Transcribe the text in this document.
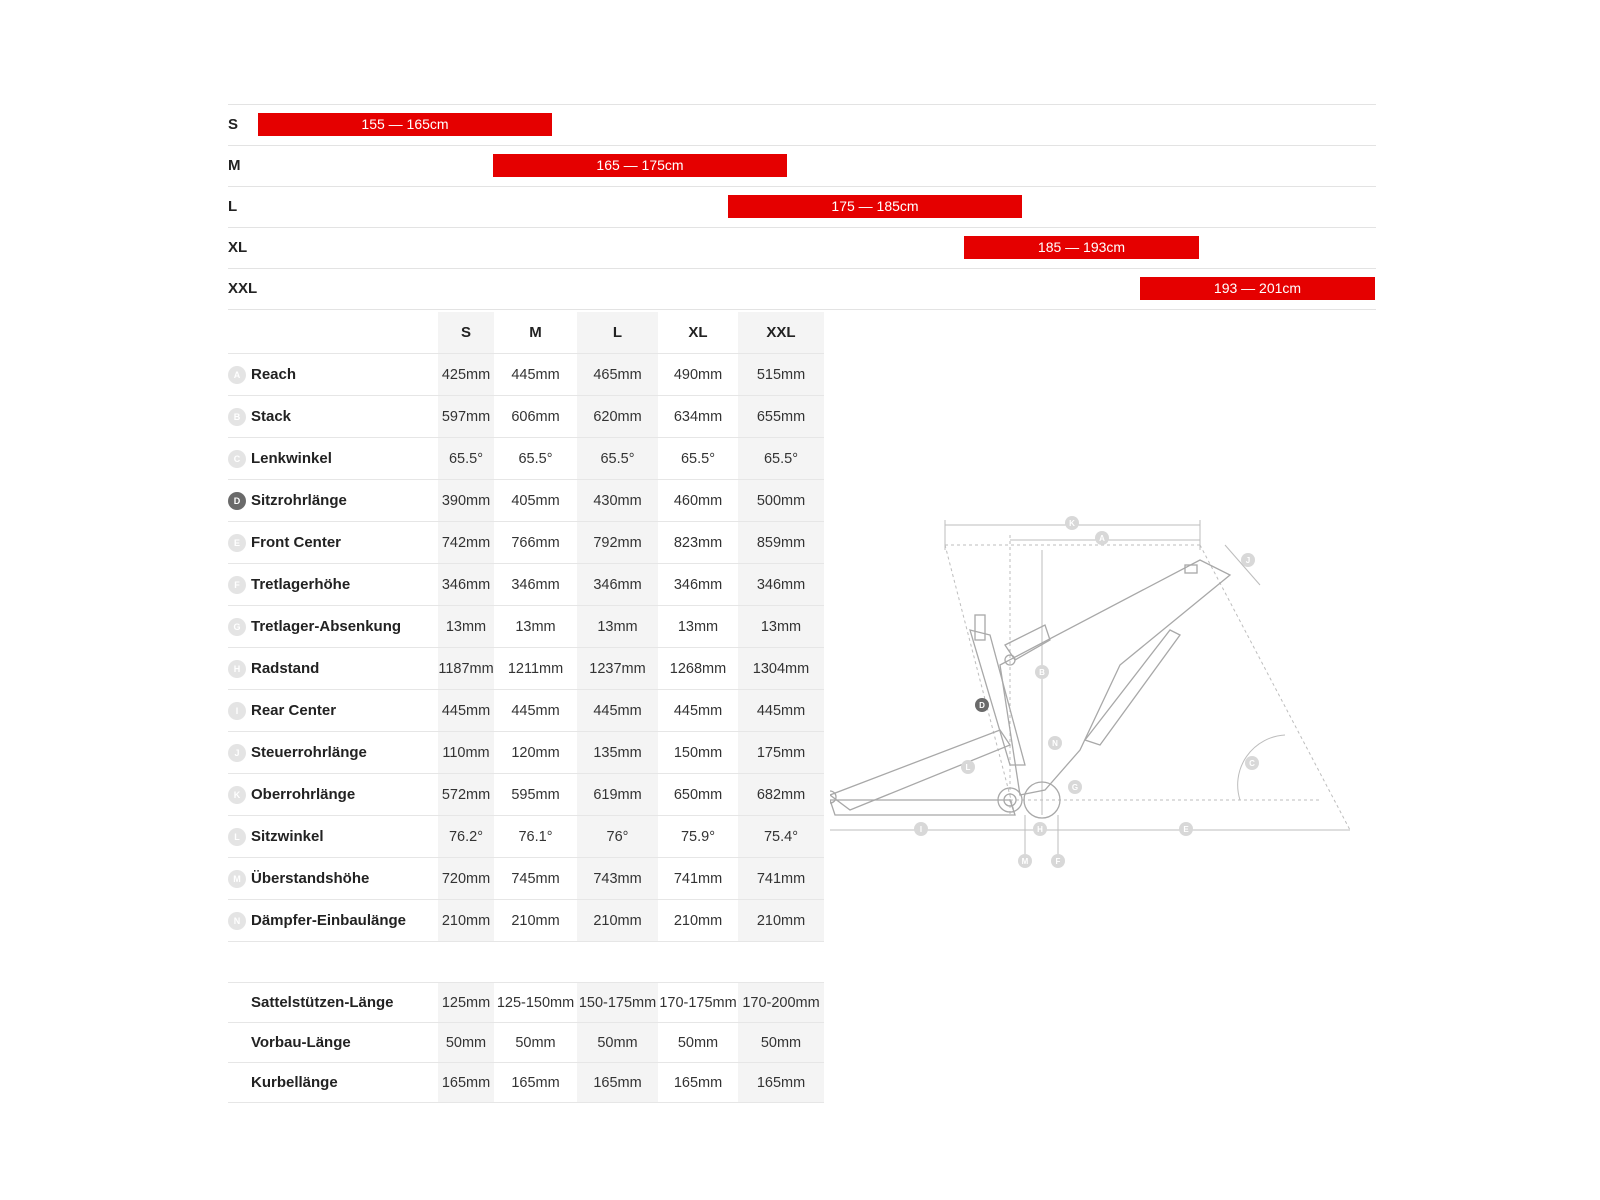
S	155 — 165cm
M	165 — 175cm
L	175 — 185cm
XL	185 — 193cm
XXL	193 — 201cm
	S	M	L	XL	XXL

A Reach	425mm	445mm	465mm	490mm	515mm

B Stack	597mm	606mm	620mm	634mm	655mm

C Lenkwinkel	65.5°	65.5°	65.5°	65.5°	65.5°

D Sitzrohrlänge	390mm	405mm	430mm	460mm	500mm

E Front Center	742mm	766mm	792mm	823mm	859mm

F Tretlagerhöhe	346mm	346mm	346mm	346mm	346mm

G Tretlager-Absenkung	13mm	13mm	13mm	13mm	13mm

H Radstand	1187mm	1211mm	1237mm	1268mm	1304mm

I Rear Center	445mm	445mm	445mm	445mm	445mm

J Steuerrohrlänge	110mm	120mm	135mm	150mm	175mm

K Oberrohrlänge	572mm	595mm	619mm	650mm	682mm

L Sitzwinkel	76.2°	76.1°	76°	75.9°	75.4°

M Überstandshöhe	720mm	745mm	743mm	741mm	741mm

N Dämpfer-Einbaulänge	210mm	210mm	210mm	210mm	210mm

Sattelstützen-Länge	125mm	125-150mm	150-175mm	170-175mm	170-200mm
Vorbau-Länge	50mm	50mm	50mm	50mm	50mm
Kurbellänge	165mm	165mm	165mm	165mm	165mm
K
A
J
B
D
N
L
G
C
I	H	E
M	F
